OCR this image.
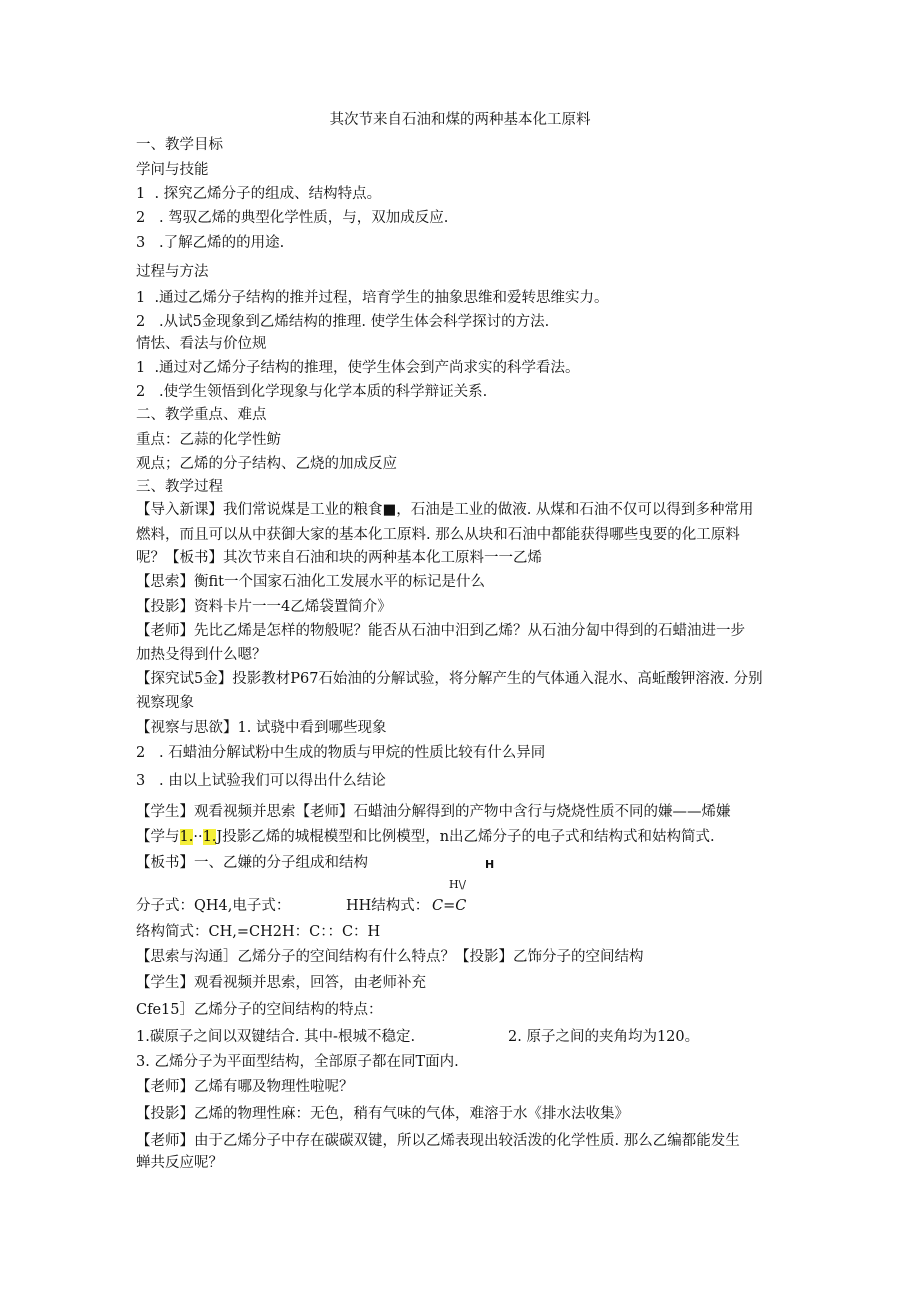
其次节来自石油和煤的两种基本化工原料
一、教学目标
学问与技能
1  . 探究乙烯分子的组成、结构特点。
2   . 驾驭乙烯的典型化学性质，与，双加成反应.
3   .了解乙烯的的用途.
过程与方法
1  .通过乙烯分子结构的推并过程，培育学生的抽象思维和爱转思维实力。
2   .从试5金现象到乙烯结构的推理. 使学生体会科学探讨的方法.
情怯、看法与价位规
1  .通过对乙烯分子结构的推理，使学生体会到产尚求实的科学看法。
2   .使学生领悟到化学现象与化学本质的科学辩证关系.
二、教学重点、难点
重点：乙蒜的化学性鲂
观点；乙烯的分子结构、乙烧的加成反应
三、教学过程
【导入新课】我们常说煤是工业的粮食■，石油是工业的做液. 从煤和石油不仅可以得到多种常用
燃料，而且可以从中获御大家的基本化工原料. 那么从块和石油中都能获得哪些曳要的化工原料
呢？【板书】其次节来自石油和块的两种基本化工原料一一乙烯
【思索】衡fit一个国家石油化工发展水平的标记是什么
【投影】资料卡片一一4乙烯袋置简介》
【老师】先比乙烯是怎样的物般呢？能否从石油中汨到乙烯？从石油分匐中得到的石蜡油进一步
加热殳得到什么嗯？
【探究试5金】投影教材P67石始油的分解试验，将分解产生的气体通入混水、高蚯酸钾溶液. 分别
视察现象
【视察与思欲】1. 试骁中看到哪些现象
2   . 石蜡油分解试粉中生成的物质与甲烷的性质比较有什么异同
3   . 由以上试验我们可以得出什么结论
【学生】观看视频并思索【老师】石蜡油分解得到的产物中含行与烧烧性质不同的嫌——烯嫌
【学与1.··1.J投影乙烯的城棍模型和比例模型，n出乙烯分子的电子式和结构式和姑构简式.
【板书】一、乙嫌的分子组成和结构	H
H\/
分子式：QH4,电子式：	HH结构式： C=C
络构简式：CH,=CH2H：C：：C：H
【思索与沟通］乙烯分子的空间结构有什么特点？【投影】乙饰分子的空间结构
【学生】观看视频并思索，回答，由老师补充
Cfe15］乙烯分子的空间结构的特点：
1.碳原子之间以双键结合. 其中-根城不稳定.	2. 原子之间的夹角均为120。
3. 乙烯分子为平面型结构，全部原子都在同T面内.
【老师】乙烯有哪及物理性啦呢？
【投影】乙烯的物理性麻：无色，稍有气味的气体，难溶于水《排水法收集》
【老师】由于乙烯分子中存在碳碳双键，所以乙烯表现出较活泼的化学性质. 那么乙编都能发生
蝉共反应呢？
